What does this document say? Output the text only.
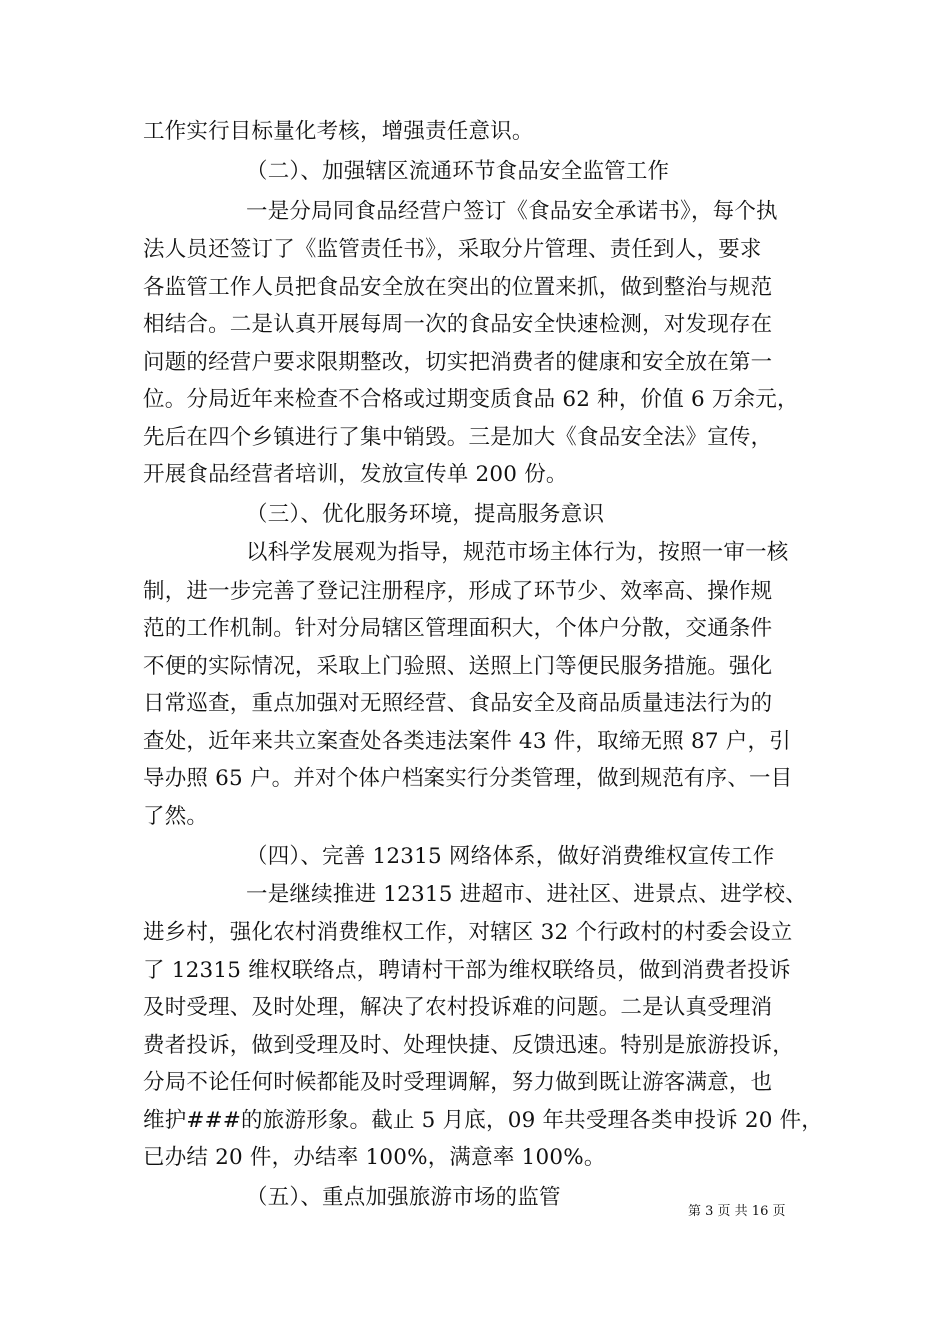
工作实行目标量化考核，增强责任意识。
（二）、加强辖区流通环节食品安全监管工作
一是分局同食品经营户签订《食品安全承诺书》，每个执
法人员还签订了《监管责任书》，采取分片管理、责任到人，要求
各监管工作人员把食品安全放在突出的位置来抓，做到整治与规范
相结合。二是认真开展每周一次的食品安全快速检测，对发现存在
问题的经营户要求限期整改，切实把消费者的健康和安全放在第一
位。分局近年来检查不合格或过期变质食品 62 种，价值 6 万余元，
先后在四个乡镇进行了集中销毁。三是加大《食品安全法》宣传，
开展食品经营者培训，发放宣传单 200 份。
（三）、优化服务环境，提高服务意识
以科学发展观为指导，规范市场主体行为，按照一审一核
制，进一步完善了登记注册程序，形成了环节少、效率高、操作规
范的工作机制。针对分局辖区管理面积大，个体户分散，交通条件
不便的实际情况，采取上门验照、送照上门等便民服务措施。强化
日常巡查，重点加强对无照经营、食品安全及商品质量违法行为的
查处，近年来共立案查处各类违法案件 43 件，取缔无照 87 户，引
导办照 65 户。并对个体户档案实行分类管理，做到规范有序、一目
了然。
（四）、完善 12315 网络体系，做好消费维权宣传工作
一是继续推进 12315 进超市、进社区、进景点、进学校、
进乡村，强化农村消费维权工作，对辖区 32 个行政村的村委会设立
了 12315 维权联络点，聘请村干部为维权联络员，做到消费者投诉
及时受理、及时处理，解决了农村投诉难的问题。二是认真受理消
费者投诉，做到受理及时、处理快捷、反馈迅速。特别是旅游投诉，
分局不论任何时候都能及时受理调解，努力做到既让游客满意，也
维护###的旅游形象。截止 5 月底，09 年共受理各类申投诉 20 件，
已办结 20 件，办结率 100%，满意率 100%。
（五）、重点加强旅游市场的监管
第 3 页 共 16 页
